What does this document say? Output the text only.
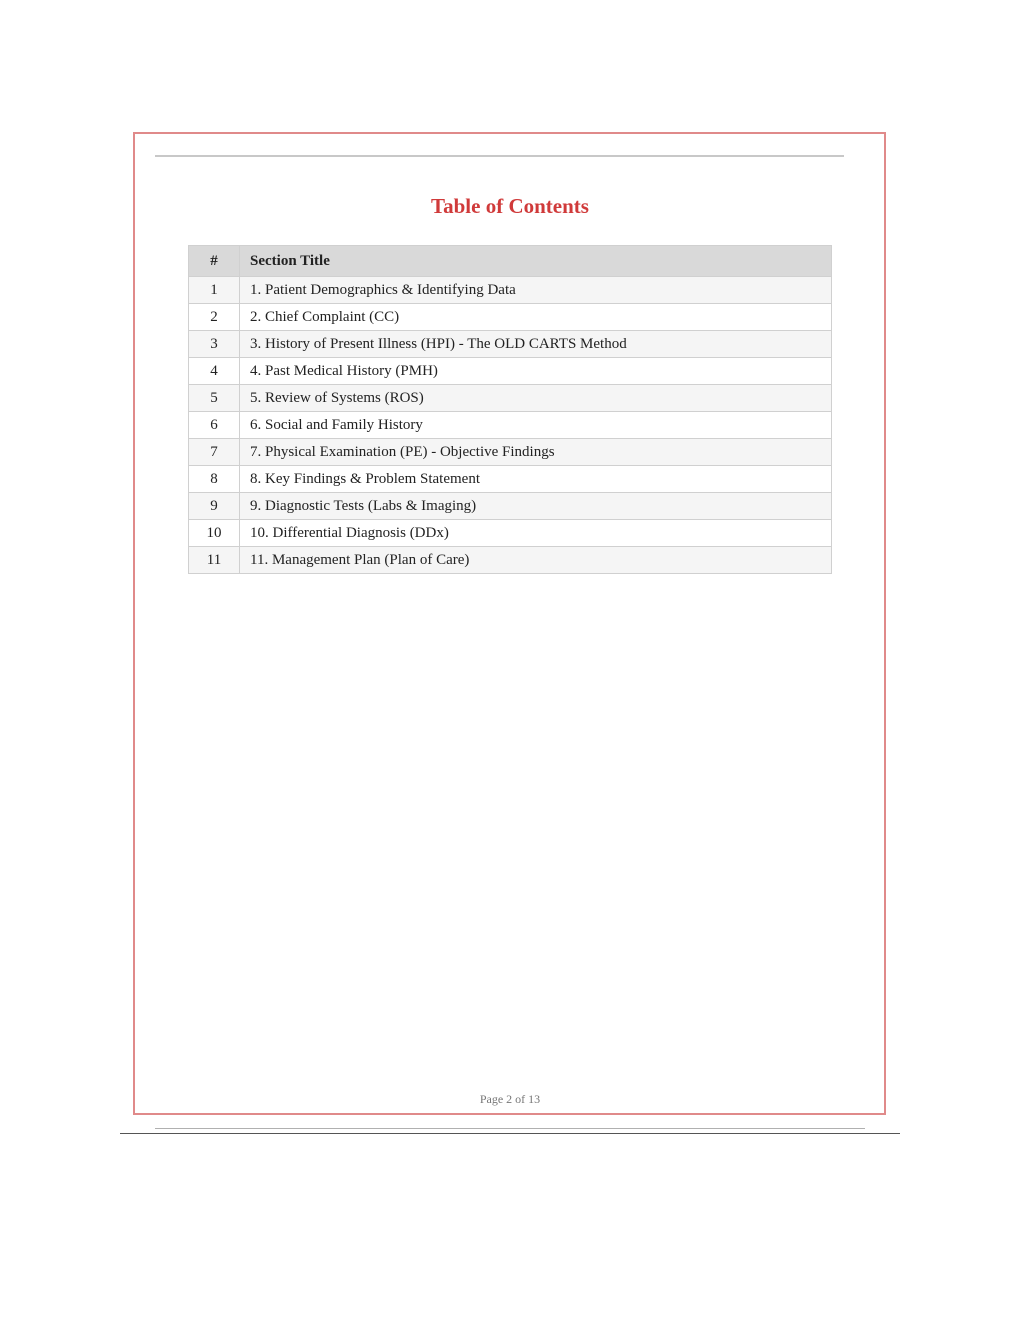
Table of Contents
#	Section Title
1	1. Patient Demographics & Identifying Data
2	2. Chief Complaint (CC)
3	3. History of Present Illness (HPI) - The OLD CARTS Method
4	4. Past Medical History (PMH)
5	5. Review of Systems (ROS)
6	6. Social and Family History
7	7. Physical Examination (PE) - Objective Findings
8	8. Key Findings & Problem Statement
9	9. Diagnostic Tests (Labs & Imaging)
10	10. Differential Diagnosis (DDx)
11	11. Management Plan (Plan of Care)
Page 2 of 13
